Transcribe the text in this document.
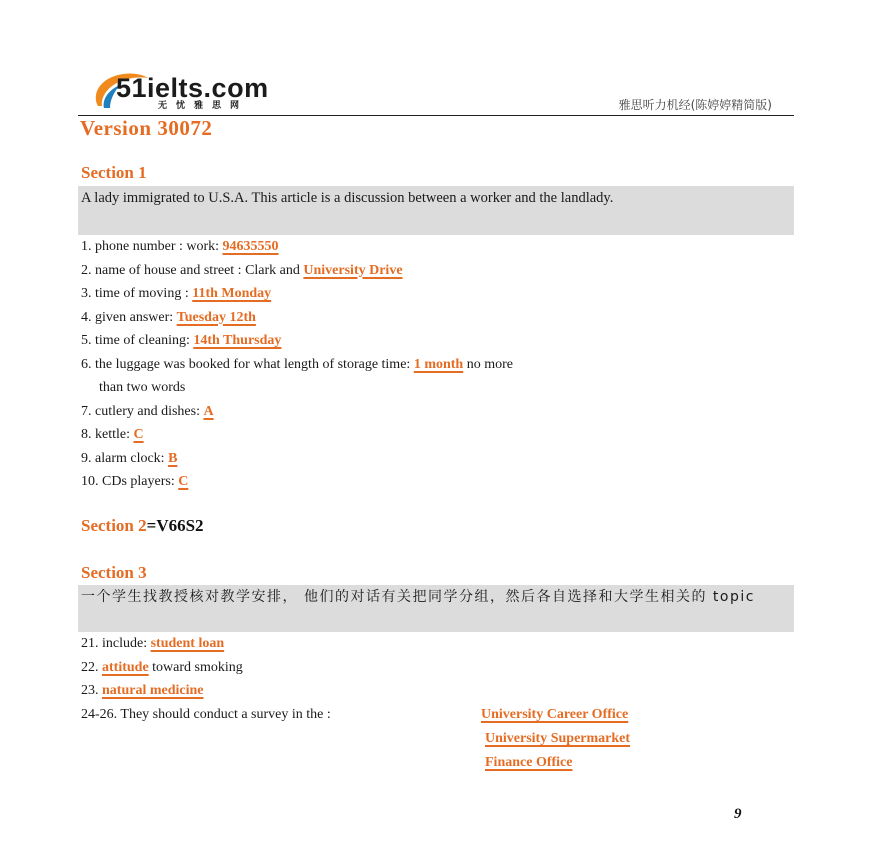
51ielts.com
无忧雅思网	雅思听力机经(陈婷婷精简版)
Version 30072
Section 1
A lady immigrated to U.S.A. This article is a discussion between a worker and the landlady.
1. phone number : work: 94635550
2. name of house and street : Clark and University Drive
3. time of moving : 11th Monday
4. given answer: Tuesday 12th
5. time of cleaning: 14th Thursday
6. the luggage was booked for what length of storage time: 1 month no more
than two words
7. cutlery and dishes: A
8. kettle: C
9. alarm clock: B
10. CDs players: C
Section 2=V66S2
Section 3
一个学生找教授核对教学安排， 他们的对话有关把同学分组，然后各自选择和大学生相关的 topic
21. include: student loan
22. attitude toward smoking
23. natural medicine
24-26. They should conduct a survey in the :	University Career Office
University Supermarket
Finance Office
9
